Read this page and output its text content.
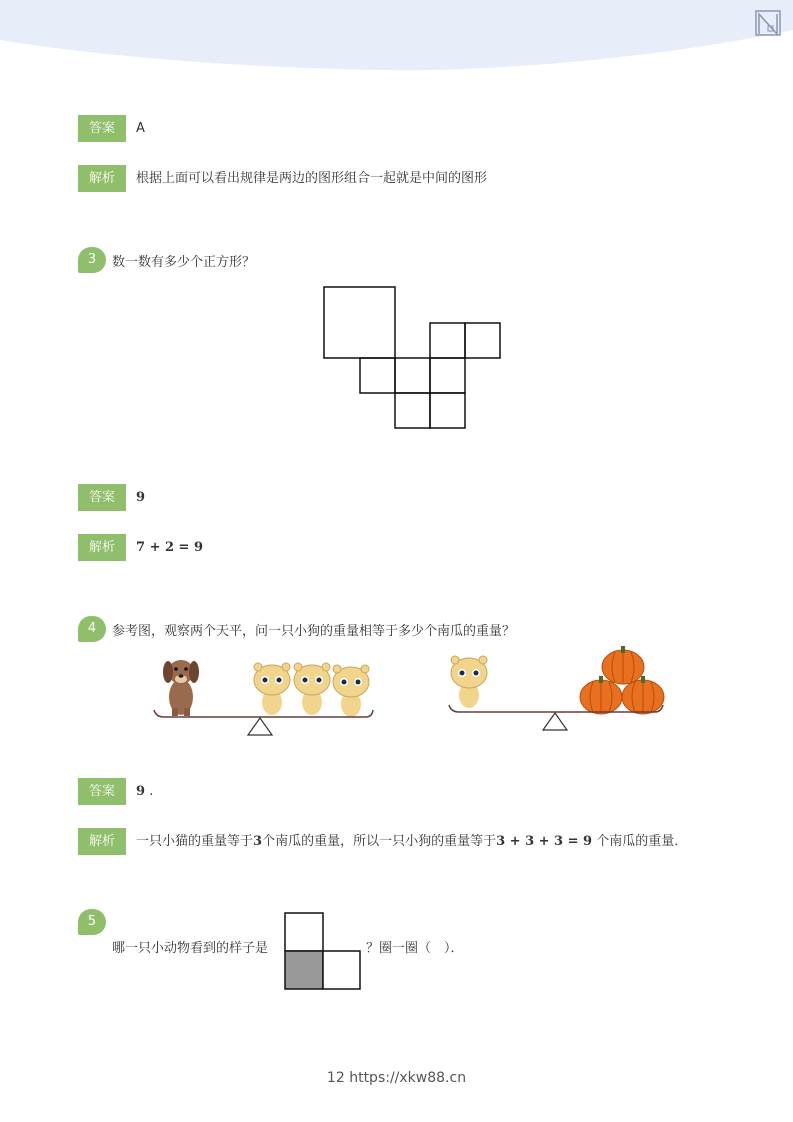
答案	A
解析	根据上面可以看出规律是两边的图形组合一起就是中间的图形
3	数一数有多少个正方形？
答案	9
解析	7 + 2 = 9
4	参考图，观察两个天平，问一只小狗的重量相等于多少个南瓜的重量？
答案	9 .
解析	一只小猫的重量等于3个南瓜的重量，所以一只小狗的重量等于3 + 3 + 3 = 9 个南瓜的重量．
5
哪一只小动物看到的样子是	？圈一圈（　）．
12 https://xkw88.cn
